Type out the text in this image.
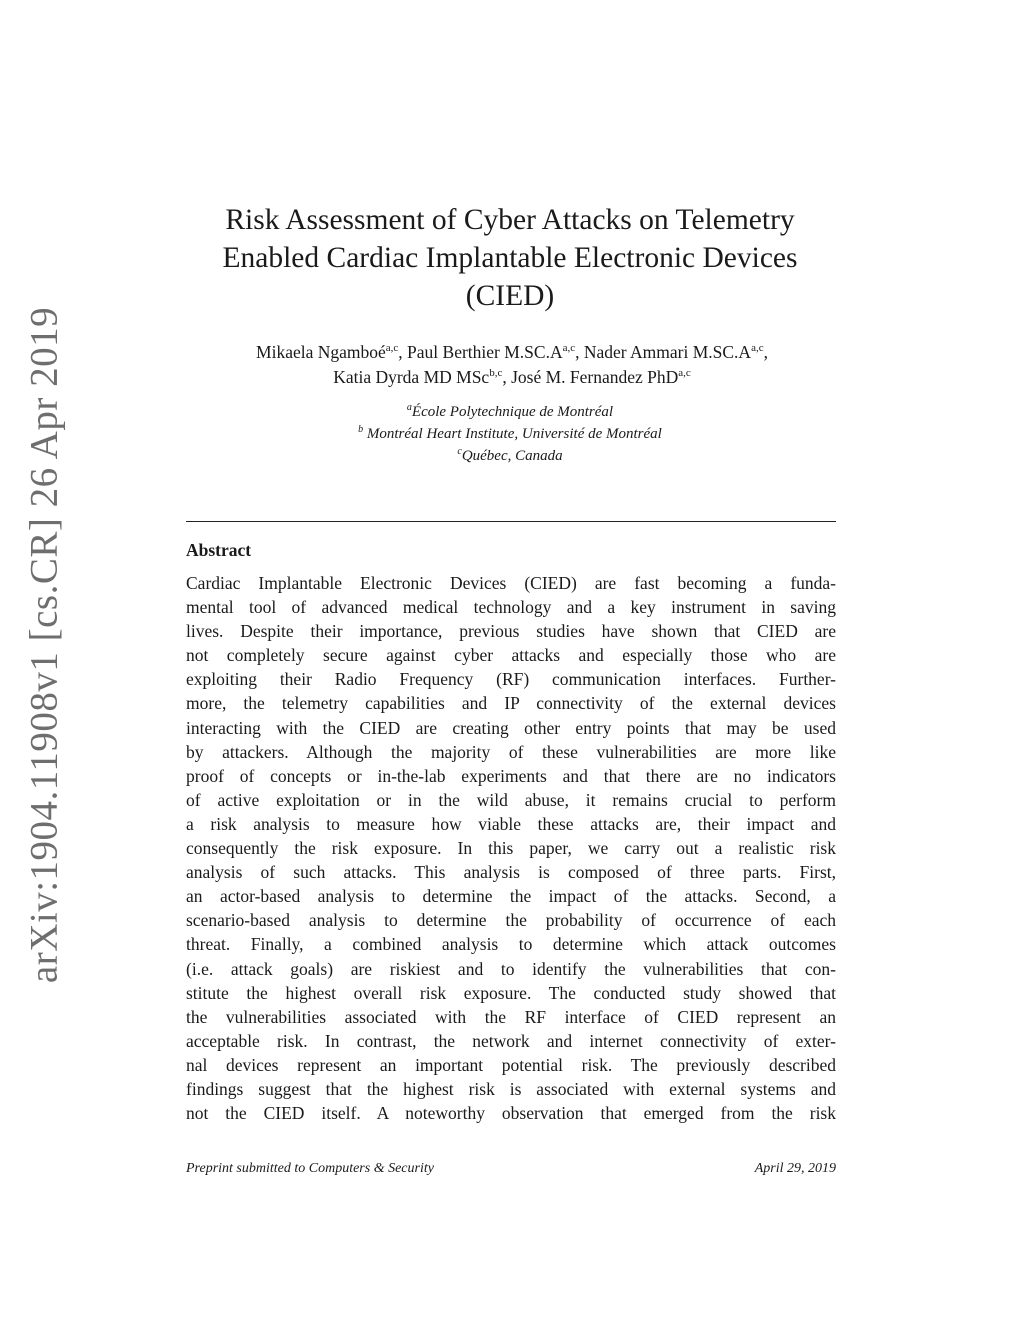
arXiv:1904.11908v1 [cs.CR] 26 Apr 2019
Risk Assessment of Cyber Attacks on Telemetry
Enabled Cardiac Implantable Electronic Devices
(CIED)
Mikaela Ngamboé$^{a,c}$, Paul Berthier $M.SC.A^{a,c}$, Nader Ammari $M.SC.A^{a,c}$,
Katia Dyrda MD MSc$^{b,c}$, José M. Fernandez PhD$^{a,c}$
$^a$École Polytechnique de Montréal
$^b$ Montréal Heart Institute, Université de Montréal
$^c$Québec, Canada
Abstract
Cardiac Implantable Electronic Devices (CIED) are fast becoming a funda-
mental tool of advanced medical technology and a key instrument in saving
lives. Despite their importance, previous studies have shown that CIED are
not completely secure against cyber attacks and especially those who are
exploiting their Radio Frequency (RF) communication interfaces. Further-
more, the telemetry capabilities and IP connectivity of the external devices
interacting with the CIED are creating other entry points that may be used
by attackers. Although the majority of these vulnerabilities are more like
proof of concepts or in-the-lab experiments and that there are no indicators
of active exploitation or in the wild abuse, it remains crucial to perform
a risk analysis to measure how viable these attacks are, their impact and
consequently the risk exposure. In this paper, we carry out a realistic risk
analysis of such attacks. This analysis is composed of three parts. First,
an actor-based analysis to determine the impact of the attacks. Second, a
scenario-based analysis to determine the probability of occurrence of each
threat. Finally, a combined analysis to determine which attack outcomes
(i.e. attack goals) are riskiest and to identify the vulnerabilities that con-
stitute the highest overall risk exposure. The conducted study showed that
the vulnerabilities associated with the RF interface of CIED represent an
acceptable risk. In contrast, the network and internet connectivity of exter-
nal devices represent an important potential risk. The previously described
findings suggest that the highest risk is associated with external systems and
not the CIED itself. A noteworthy observation that emerged from the risk
Preprint submitted to Computers & Security	April 29, 2019
